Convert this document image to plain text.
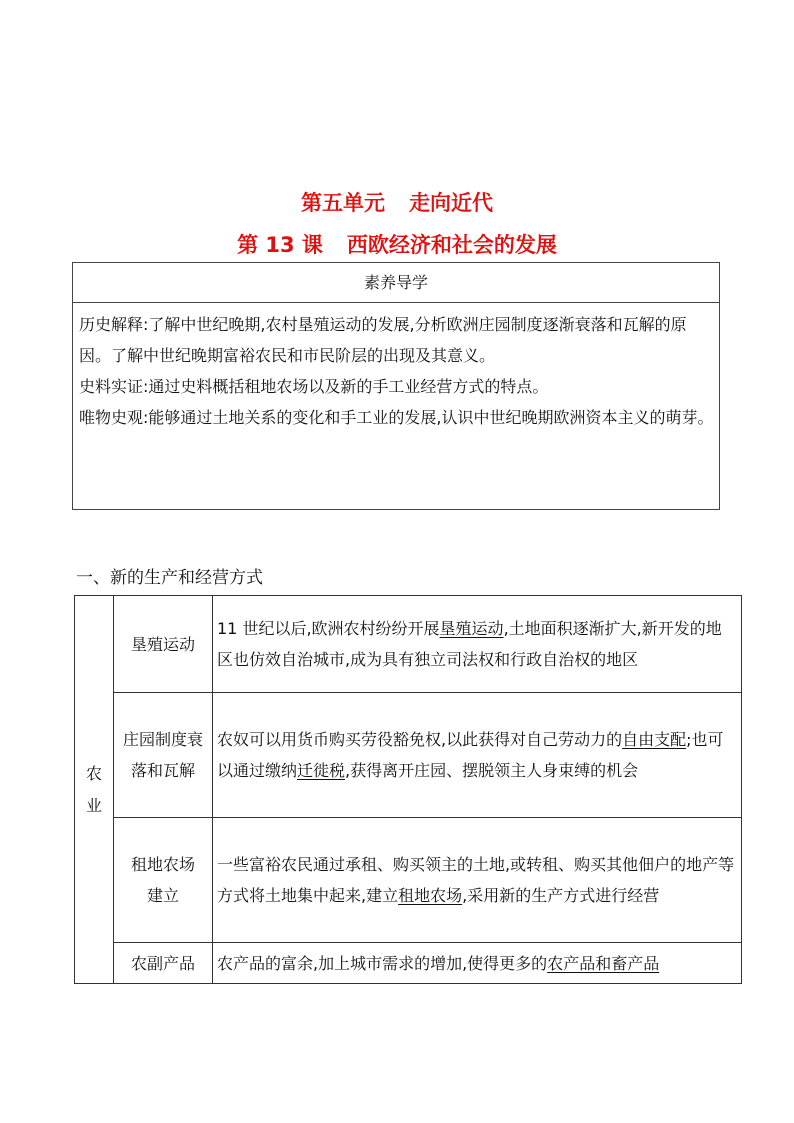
第五单元 走向近代
第 13 课 西欧经济和社会的发展
素养导学

历史解释:了解中世纪晚期,农村垦殖运动的发展,分析欧洲庄园制度逐渐衰落和瓦解的原因。了解中世纪晚期富裕农民和市民阶层的出现及其意义。

史料实证:通过史料概括租地农场以及新的手工业经营方式的特点。

唯物史观:能够通过土地关系的变化和手工业的发展,认识中世纪晚期欧洲资本主义的萌芽。

一、新的生产和经营方式
农
业	垦殖运动	11 世纪以后,欧洲农村纷纷开展垦殖运动,土地面积逐渐扩大,新开发的地区也仿效自治城市,成为具有独立司法权和行政自治权的地区
	庄园制度衰落和瓦解	农奴可以用货币购买劳役豁免权,以此获得对自己劳动力的自由支配;也可以通过缴纳迁徙税,获得离开庄园、摆脱领主人身束缚的机会
	租地农场建立	一些富裕农民通过承租、购买领主的土地,或转租、购买其他佃户的地产等方式将土地集中起来,建立租地农场,采用新的生产方式进行经营
	农副产品	农产品的富余,加上城市需求的增加,使得更多的农产品和畜产品
